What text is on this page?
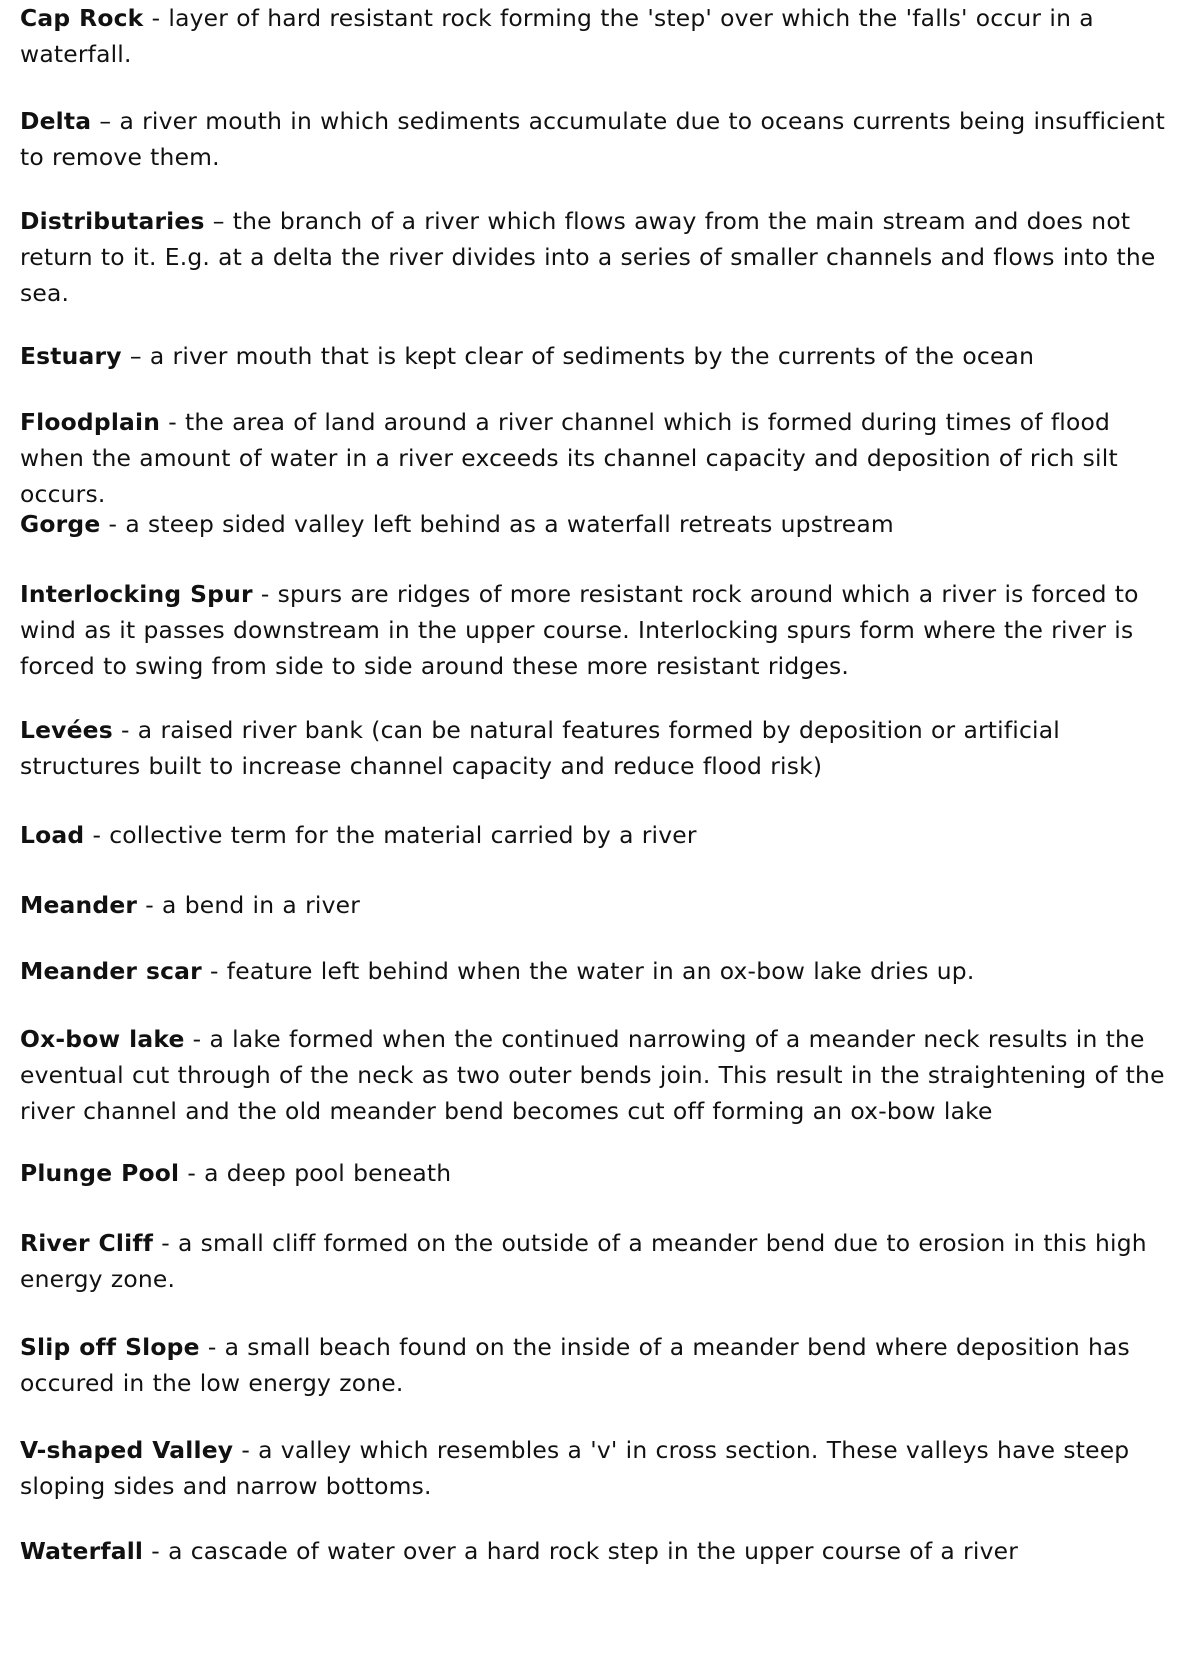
Cap Rock - layer of hard resistant rock forming the 'step' over which the 'falls' occur in a waterfall.

Delta – a river mouth in which sediments accumulate due to oceans currents being insufficient to remove them.

Distributaries – the branch of a river which flows away from the main stream and does not return to it. E.g. at a delta the river divides into a series of smaller channels and flows into the sea.

Estuary – a river mouth that is kept clear of sediments by the currents of the ocean

Floodplain - the area of land around a river channel which is formed during times of flood when the amount of water in a river exceeds its channel capacity and deposition of rich silt occurs.

Gorge - a steep sided valley left behind as a waterfall retreats upstream

Interlocking Spur - spurs are ridges of more resistant rock around which a river is forced to wind as it passes downstream in the upper course. Interlocking spurs form where the river is forced to swing from side to side around these more resistant ridges.

Levées - a raised river bank (can be natural features formed by deposition or artificial structures built to increase channel capacity and reduce flood risk)

Load - collective term for the material carried by a river

Meander - a bend in a river

Meander scar - feature left behind when the water in an ox-bow lake dries up.

Ox-bow lake - a lake formed when the continued narrowing of a meander neck results in the eventual cut through of the neck as two outer bends join. This result in the straightening of the river channel and the old meander bend becomes cut off forming an ox-bow lake

Plunge Pool - a deep pool beneath

River Cliff - a small cliff formed on the outside of a meander bend due to erosion in this high energy zone.

Slip off Slope - a small beach found on the inside of a meander bend where deposition has occured in the low energy zone.

V-shaped Valley - a valley which resembles a 'v' in cross section. These valleys have steep sloping sides and narrow bottoms.

Waterfall - a cascade of water over a hard rock step in the upper course of a river
